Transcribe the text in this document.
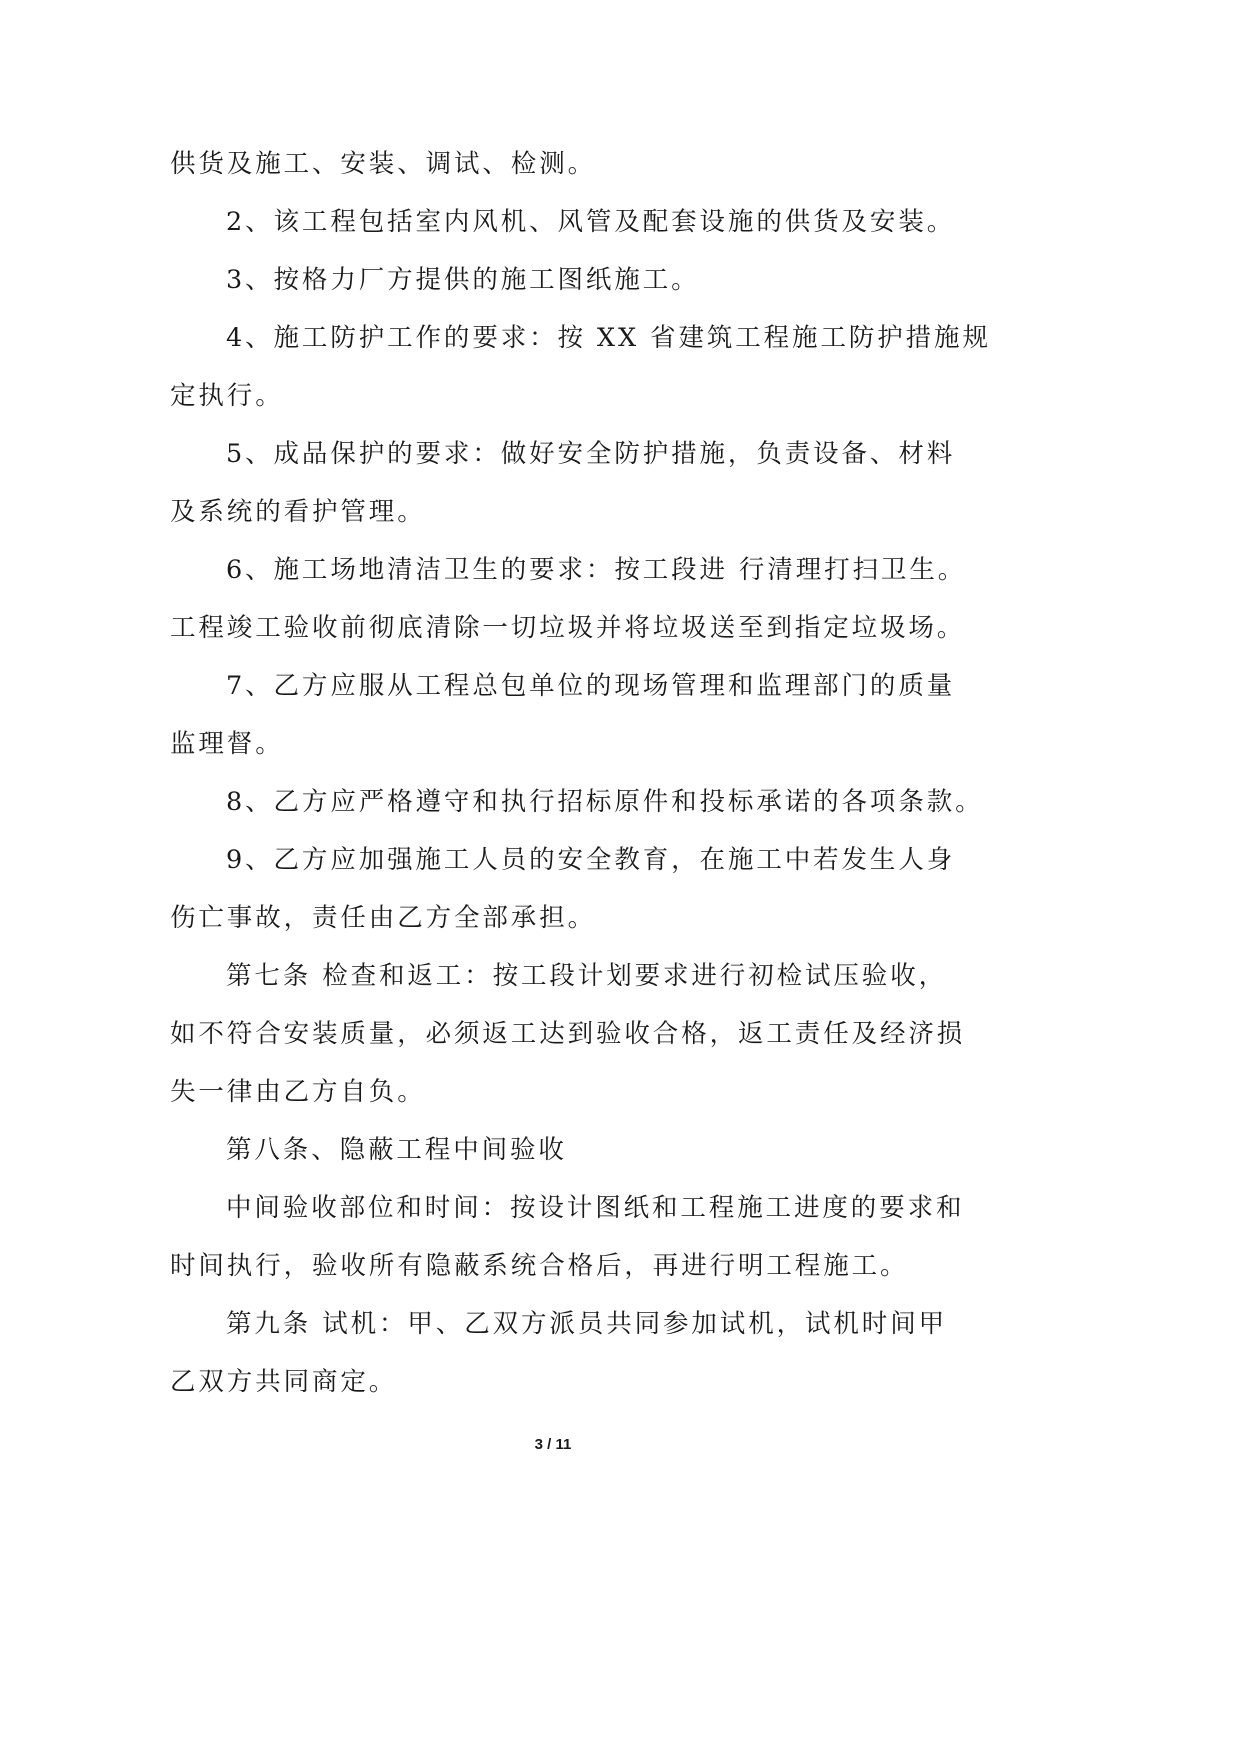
供货及施工、安装、调试、检测。
2、该工程包括室内风机、风管及配套设施的供货及安装。
3、按格力厂方提供的施工图纸施工。
4、施工防护工作的要求：按 XX 省建筑工程施工防护措施规
定执行。
5、成品保护的要求：做好安全防护措施，负责设备、材料
及系统的看护管理。
6、施工场地清洁卫生的要求：按工段进 行清理打扫卫生。
工程竣工验收前彻底清除一切垃圾并将垃圾送至到指定垃圾场。
7、乙方应服从工程总包单位的现场管理和监理部门的质量
监理督。
8、乙方应严格遵守和执行招标原件和投标承诺的各项条款。
9、乙方应加强施工人员的安全教育，在施工中若发生人身
伤亡事故，责任由乙方全部承担。
第七条 检查和返工：按工段计划要求进行初检试压验收，
如不符合安装质量，必须返工达到验收合格，返工责任及经济损
失一律由乙方自负。
第八条、隐蔽工程中间验收
中间验收部位和时间：按设计图纸和工程施工进度的要求和
时间执行，验收所有隐蔽系统合格后，再进行明工程施工。
第九条 试机：甲、乙双方派员共同参加试机，试机时间甲
乙双方共同商定。
3 / 11
